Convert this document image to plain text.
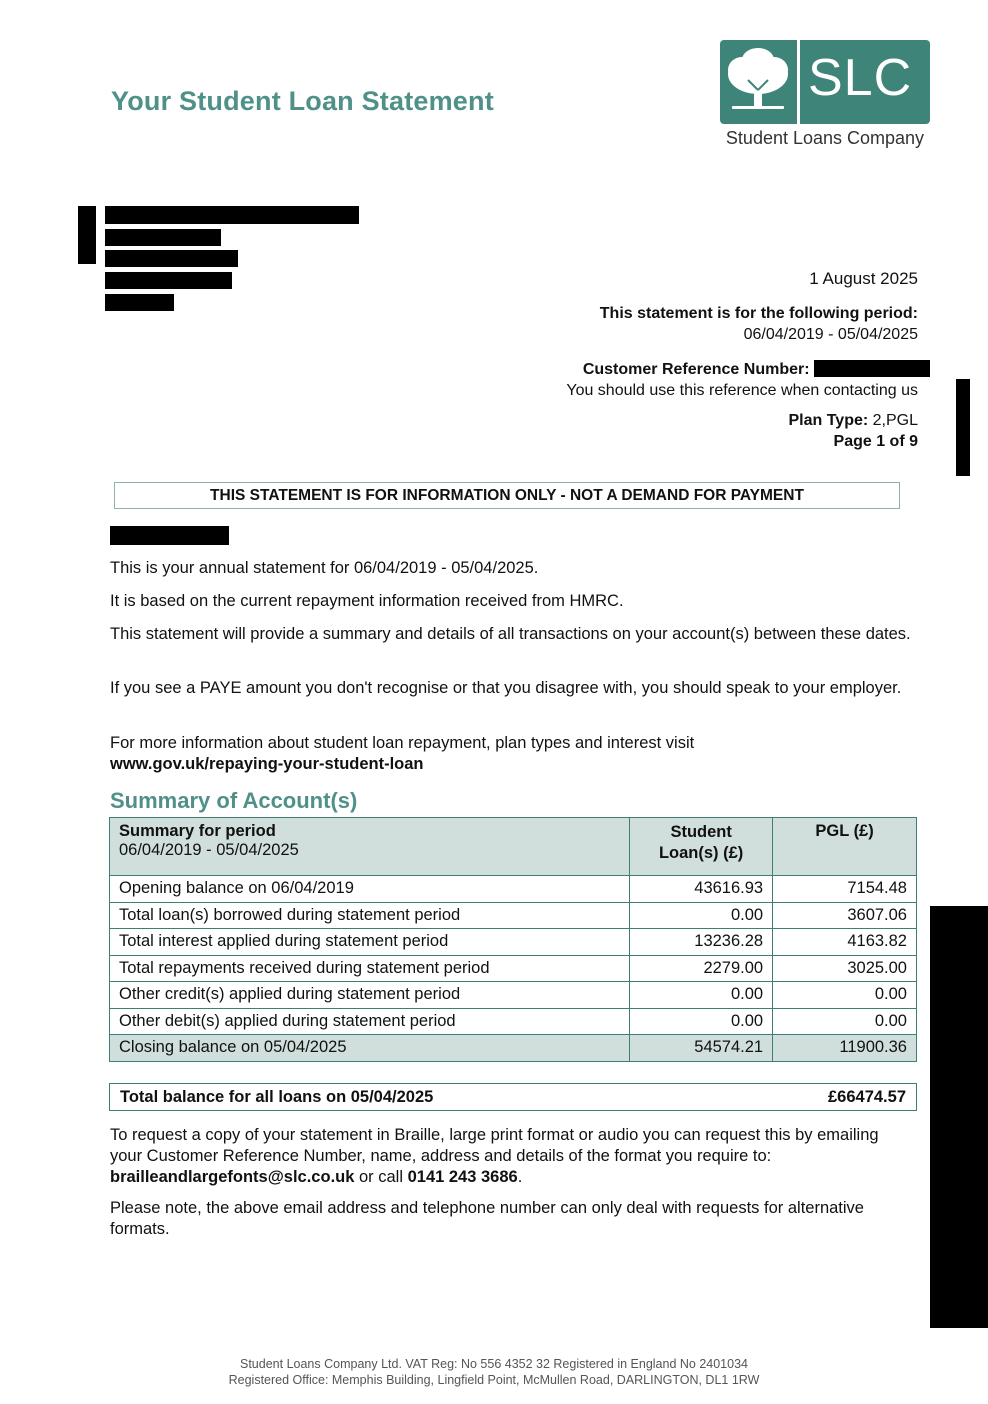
Your Student Loan Statement	SLC
Student Loans Company
1 August 2025
This statement is for the following period:
06/04/2019 - 05/04/2025
Customer Reference Number:
You should use this reference when contacting us
Plan Type: 2,PGL
Page 1 of 9
THIS STATEMENT IS FOR INFORMATION ONLY - NOT A DEMAND FOR PAYMENT
This is your annual statement for 06/04/2019 - 05/04/2025.
It is based on the current repayment information received from HMRC.
This statement will provide a summary and details of all transactions on your account(s) between these dates.
If you see a PAYE amount you don't recognise or that you disagree with, you should speak to your employer.
For more information about student loan repayment, plan types and interest visit
www.gov.uk/repaying-your-student-loan
Summary of Account(s)
Summary for period
06/04/2019 - 05/04/2025	Student Loan(s) (£)	PGL (£)
Opening balance on 06/04/2019	43616.93	7154.48
Total loan(s) borrowed during statement period	0.00	3607.06
Total interest applied during statement period	13236.28	4163.82
Total repayments received during statement period	2279.00	3025.00
Other credit(s) applied during statement period	0.00	0.00
Other debit(s) applied during statement period	0.00	0.00
Closing balance on 05/04/2025	54574.21	11900.36
Total balance for all loans on 05/04/2025	£66474.57
To request a copy of your statement in Braille, large print format or audio you can request this by emailing your Customer Reference Number, name, address and details of the format you require to: brailleandlargefonts@slc.co.uk or call 0141 243 3686.
Please note, the above email address and telephone number can only deal with requests for alternative formats.
Student Loans Company Ltd. VAT Reg: No 556 4352 32 Registered in England No 2401034
Registered Office: Memphis Building, Lingfield Point, McMullen Road, DARLINGTON, DL1 1RW
